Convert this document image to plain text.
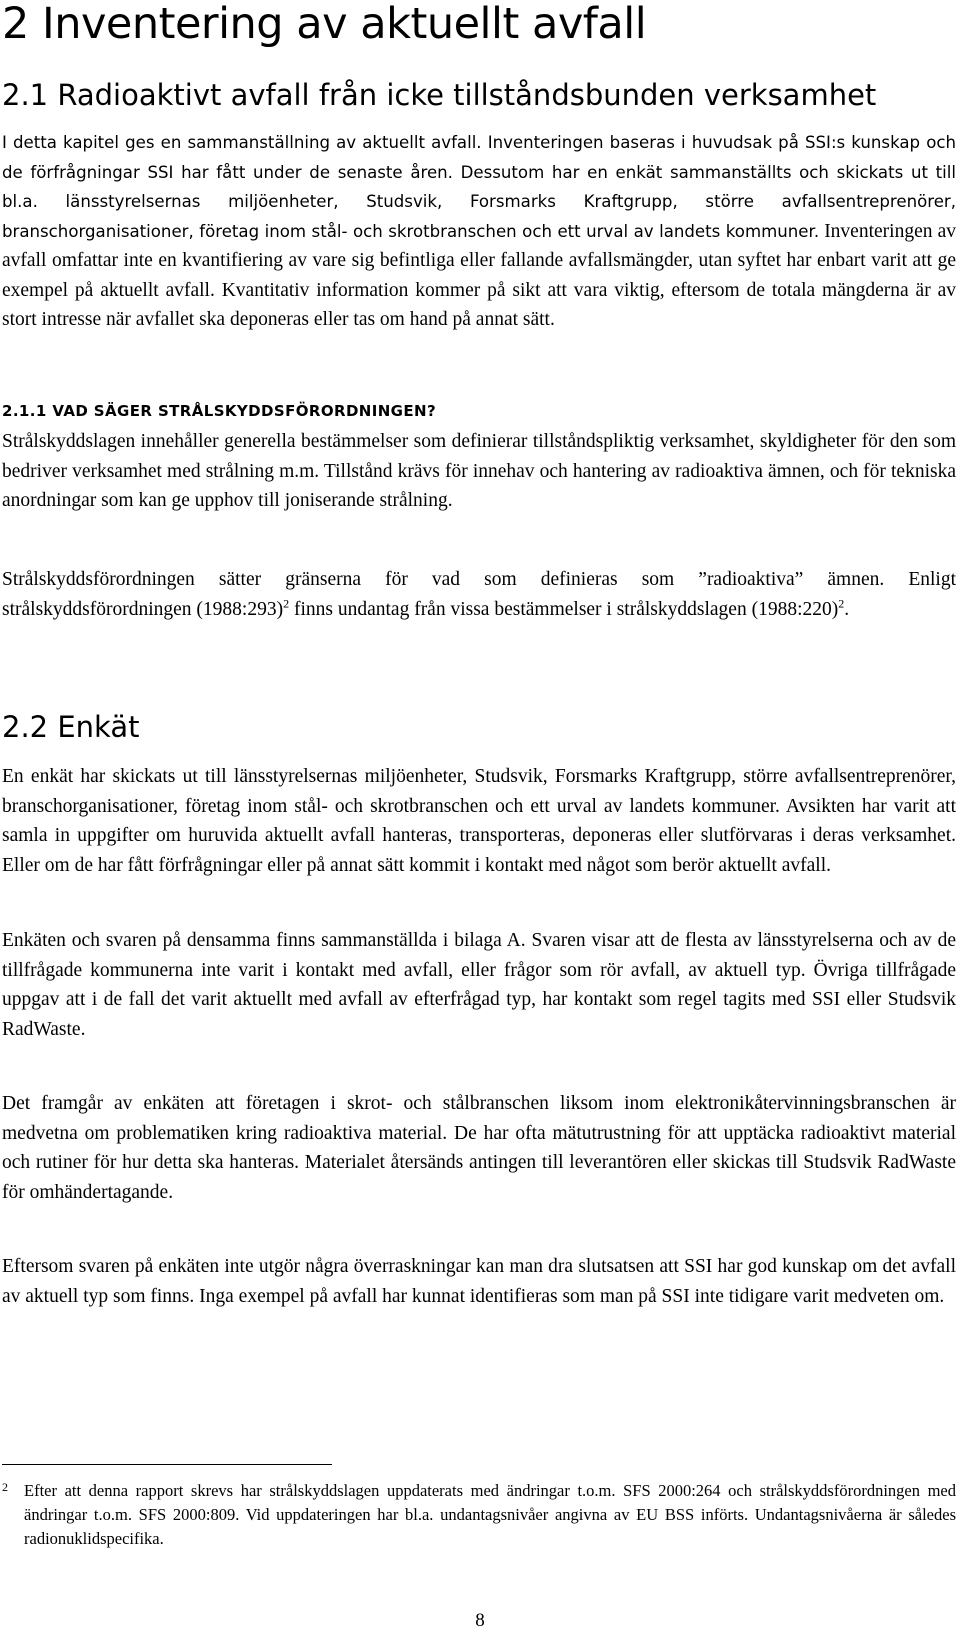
2 Inventering av aktuellt avfall
2.1 Radioaktivt avfall från icke tillståndsbunden verksamhet

I detta kapitel ges en sammanställning av aktuellt avfall. Inventeringen baseras i huvudsak på SSI:s kunskap och de förfrågningar SSI har fått under de senaste åren. Dessutom har en enkät sammanställts och skickats ut till bl.a. länsstyrelsernas miljöenheter, Studsvik, Forsmarks Kraftgrupp, större avfallsentreprenörer, branschorganisationer, företag inom stål- och skrotbranschen och ett urval av landets kommuner. Inventeringen av avfall omfattar inte en kvantifiering av vare sig befintliga eller fallande avfallsmängder, utan syftet har enbart varit att ge exempel på aktuellt avfall. Kvantitativ information kommer på sikt att vara viktig, eftersom de totala mängderna är av stort intresse när avfallet ska deponeras eller tas om hand på annat sätt.

2.1.1 VAD SÄGER STRÅLSKYDDSFÖRORDNINGEN?

Strålskyddslagen innehåller generella bestämmelser som definierar tillståndspliktig verksamhet, skyldigheter för den som bedriver verksamhet med strålning m.m. Tillstånd krävs för innehav och hantering av radioaktiva ämnen, och för tekniska anordningar som kan ge upphov till joniserande strålning.

Strålskyddsförordningen sätter gränserna för vad som definieras som ”radioaktiva” ämnen. Enligt strålskyddsförordningen (1988:293)$^2$ finns undantag från vissa bestämmelser i strålskyddslagen (1988:220)$^2$.

2.2 Enkät

En enkät har skickats ut till länsstyrelsernas miljöenheter, Studsvik, Forsmarks Kraftgrupp, större avfallsentreprenörer, branschorganisationer, företag inom stål- och skrotbranschen och ett urval av landets kommuner. Avsikten har varit att samla in uppgifter om huruvida aktuellt avfall hanteras, transporteras, deponeras eller slutförvaras i deras verksamhet. Eller om de har fått förfrågningar eller på annat sätt kommit i kontakt med något som berör aktuellt avfall.

Enkäten och svaren på densamma finns sammanställda i bilaga A. Svaren visar att de flesta av länsstyrelserna och av de tillfrågade kommunerna inte varit i kontakt med avfall, eller frågor som rör avfall, av aktuell typ. Övriga tillfrågade uppgav att i de fall det varit aktuellt med avfall av efterfrågad typ, har kontakt som regel tagits med SSI eller Studsvik RadWaste.

Det framgår av enkäten att företagen i skrot- och stålbranschen liksom inom elektronikåtervinningsbranschen är medvetna om problematiken kring radioaktiva material. De har ofta mätutrustning för att upptäcka radioaktivt material och rutiner för hur detta ska hanteras. Materialet återsänds antingen till leverantören eller skickas till Studsvik RadWaste för omhändertagande.

Eftersom svaren på enkäten inte utgör några överraskningar kan man dra slutsatsen att SSI har god kunskap om det avfall av aktuell typ som finns. Inga exempel på avfall har kunnat identifieras som man på SSI inte tidigare varit medveten om.

2 Efter att denna rapport skrevs har strålskyddslagen uppdaterats med ändringar t.o.m. SFS 2000:264 och strålskyddsförordningen med ändringar t.o.m. SFS 2000:809. Vid uppdateringen har bl.a. undantagsnivåer angivna av EU BSS införts. Undantagsnivåerna är således radionuklidspecifika.

8
